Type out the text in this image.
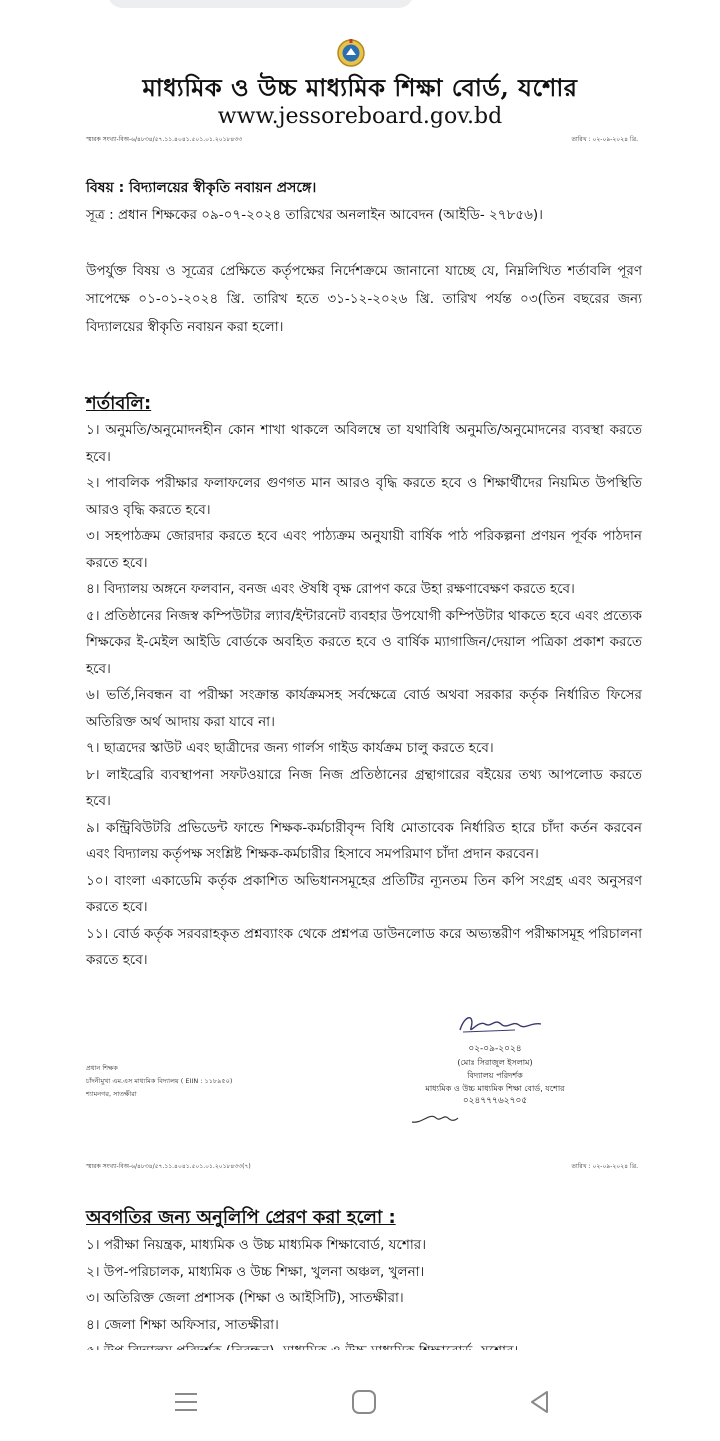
মাধ্যমিক ও উচ্চ মাধ্যমিক শিক্ষা বোর্ড, যশোর
www.jessoreboard.gov.bd
স্মারক সংখ্যা-বিঅ-৬/৪৮৩৪/৫৭.১১.৪০৪১.৫০১.০১.২০১৮৪৩৩	তারিখ : ০২-০৯-২০২৪ খ্রি.
বিষয় : বিদ্যালয়ের স্বীকৃতি নবায়ন প্রসঙ্গে।
সূত্র : প্রধান শিক্ষকের ০৯-০৭-২০২৪ তারিখের অনলাইন আবেদন (আইডি- ২৭৮৫৬)।
উপর্যুক্ত বিষয় ও সূত্রের প্রেক্ষিতে কর্তৃপক্ষের নির্দেশক্রমে জানানো যাচ্ছে যে, নিম্নলিখিত শর্তাবলি পূরণ সাপেক্ষে ০১-০১-২০২৪ খ্রি. তারিখ হতে ৩১-১২-২০২৬ খ্রি. তারিখ পর্যন্ত ০৩(তিন বছরের জন্য বিদ্যালয়ের স্বীকৃতি নবায়ন করা হলো।
শর্তাবলি:
১। অনুমতি/অনুমোদনহীন কোন শাখা থাকলে অবিলম্বে তা যথাবিধি অনুমতি/অনুমোদনের ব্যবস্থা করতে হবে।
২। পাবলিক পরীক্ষার ফলাফলের গুণগত মান আরও বৃদ্ধি করতে হবে ও শিক্ষার্থীদের নিয়মিত উপস্থিতি আরও বৃদ্ধি করতে হবে।
৩। সহপাঠক্রম জোরদার করতে হবে এবং পাঠ্যক্রম অনুযায়ী বার্ষিক পাঠ পরিকল্পনা প্রণয়ন পূর্বক পাঠদান করতে হবে।
৪। বিদ্যালয় অঙ্গনে ফলবান, বনজ এবং ঔষধি বৃক্ষ রোপণ করে উহা রক্ষণাবেক্ষণ করতে হবে।
৫। প্রতিষ্ঠানের নিজস্ব কম্পিউটার ল্যাব/ইন্টারনেট ব্যবহার উপযোগী কম্পিউটার থাকতে হবে এবং প্রত্যেক শিক্ষকের ই-মেইল আইডি বোর্ডকে অবহিত করতে হবে ও বার্ষিক ম্যাগাজিন/দেয়াল পত্রিকা প্রকাশ করতে হবে।
৬। ভর্তি,নিবন্ধন বা পরীক্ষা সংক্রান্ত কার্যক্রমসহ সর্বক্ষেত্রে বোর্ড অথবা সরকার কর্তৃক নির্ধারিত ফিসের অতিরিক্ত অর্থ আদায় করা যাবে না।
৭। ছাত্রদের স্কাউট এবং ছাত্রীদের জন্য গার্লস গাইড কার্যক্রম চালু করতে হবে।
৮। লাইব্রেরি ব্যবস্থাপনা সফটওয়ারে নিজ নিজ প্রতিষ্ঠানের গ্রন্থাগারের বইয়ের তথ্য আপলোড করতে হবে।
৯। কন্ট্রিবিউটরি প্রভিডেন্ট ফান্ডে শিক্ষক-কর্মচারীবৃন্দ বিধি মোতাবেক নির্ধারিত হারে চাঁদা কর্তন করবেন এবং বিদ্যালয় কর্তৃপক্ষ সংশ্লিষ্ট শিক্ষক-কর্মচারীর হিসাবে সমপরিমাণ চাঁদা প্রদান করবেন।
১০। বাংলা একাডেমি কর্তৃক প্রকাশিত অভিধানসমূহের প্রতিটির ন্যূনতম তিন কপি সংগ্রহ এবং অনুসরণ করতে হবে।
১১। বোর্ড কর্তৃক সরবরাহকৃত প্রশ্নব্যাংক থেকে প্রশ্নপত্র ডাউনলোড করে অভ্যন্তরীণ পরীক্ষাসমূহ পরিচালনা করতে হবে।
০২-০৯-২০২৪
(মোঃ সিরাজুল ইসলাম)
বিদ্যালয় পরিদর্শক
মাধ্যমিক ও উচ্চ মাধ্যমিক শিক্ষা বোর্ড, যশোর
০২৪৭৭৭৬২৭০৫
প্রধান শিক্ষক
চাঁদনীমুখা এম.এস মাধ্যমিক বিদ্যালয় ( EIIN : ১১৮৯৫০)
শ্যামনগর, সাতক্ষীরা
স্মারক সংখ্যা-বিঅ-৬/৪৮৩৪/৫৭.১১.৪০৪১.৫০১.০১.২০১৮৪৩৩(৭)	তারিখ : ০২-০৯-২০২৪ খ্রি.
অবগতির জন্য অনুলিপি প্রেরণ করা হলো :
১। পরীক্ষা নিয়ন্ত্রক, মাধ্যমিক ও উচ্চ মাধ্যমিক শিক্ষাবোর্ড, যশোর।
২। উপ-পরিচালক, মাধ্যমিক ও উচ্চ শিক্ষা, খুলনা অঞ্চল, খুলনা।
৩। অতিরিক্ত জেলা প্রশাসক (শিক্ষা ও আইসিটি), সাতক্ষীরা।
৪। জেলা শিক্ষা অফিসার, সাতক্ষীরা।
